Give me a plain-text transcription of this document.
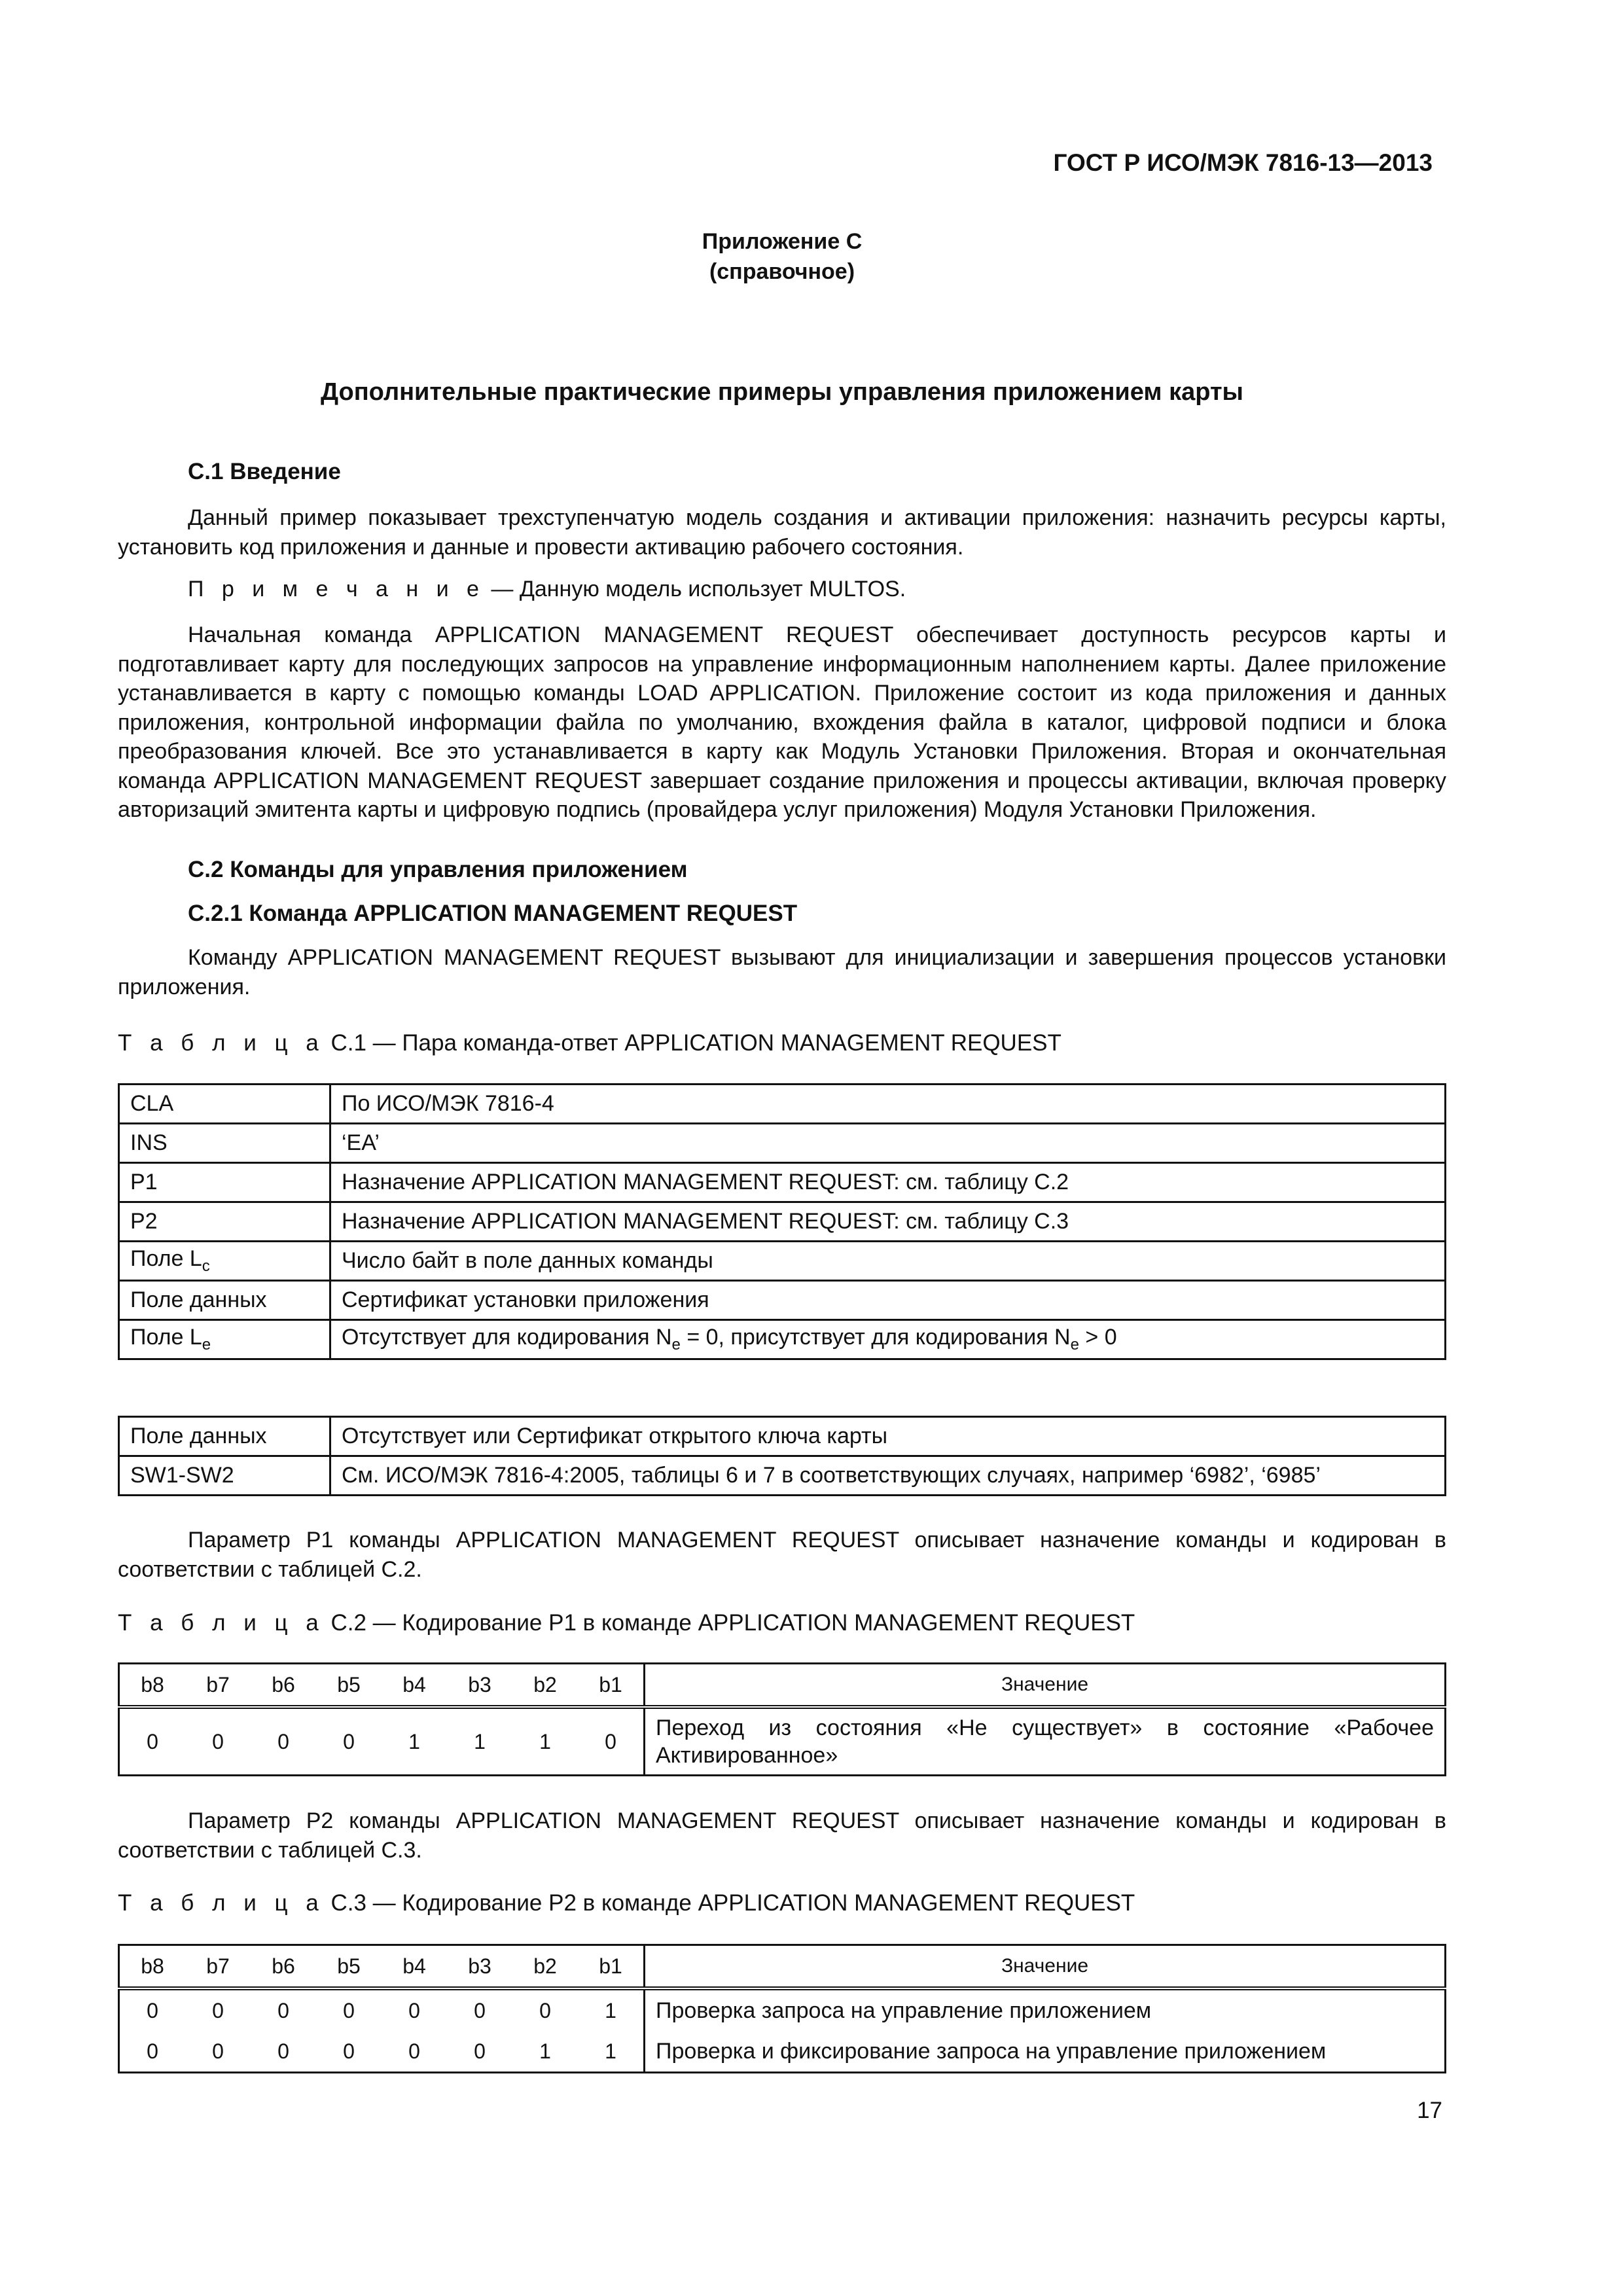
ГОСТ Р ИСО/МЭК 7816-13—2013
Приложение С
(справочное)
Дополнительные практические примеры управления приложением карты
С.1 Введение
Данный пример показывает трехступенчатую модель создания и активации приложения: назначить ресурсы карты, установить код приложения и данные и провести активацию рабочего состояния.
П р и м е ч а н и е — Данную модель использует MULTOS.
Начальная команда APPLICATION MANAGEMENT REQUEST обеспечивает доступность ресурсов карты и подготавливает карту для последующих запросов на управление информационным наполнением карты. Далее приложение устанавливается в карту с помощью команды LOAD APPLICATION. Приложение состоит из кода приложения и данных приложения, контрольной информации файла по умолчанию, вхождения файла в каталог, цифровой подписи и блока преобразования ключей. Все это устанавливается в карту как Модуль Установки Приложения. Вторая и окончательная команда APPLICATION MANAGEMENT REQUEST завершает создание приложения и процессы активации, включая проверку авторизаций эмитента карты и цифровую подпись (провайдера услуг приложения) Модуля Установки Приложения.
С.2 Команды для управления приложением
С.2.1 Команда APPLICATION MANAGEMENT REQUEST
Команду APPLICATION MANAGEMENT REQUEST вызывают для инициализации и завершения процессов установки приложения.
Т а б л и ц а С.1 — Пара команда-ответ APPLICATION MANAGEMENT REQUEST
CLA	По ИСО/МЭК 7816-4
INS	‘EA’
P1	Назначение APPLICATION MANAGEMENT REQUEST: см. таблицу С.2
P2	Назначение APPLICATION MANAGEMENT REQUEST: см. таблицу С.3
Поле $L_c$	Число байт в поле данных команды
Поле данных	Сертификат установки приложения
Поле $L_e$	Отсутствует для кодирования $N_e = 0$, присутствует для кодирования $N_e > 0$
Поле данных	Отсутствует или Сертификат открытого ключа карты
SW1-SW2	См. ИСО/МЭК 7816-4:2005, таблицы 6 и 7 в соответствующих случаях, например ‘6982’, ‘6985’
Параметр P1 команды APPLICATION MANAGEMENT REQUEST описывает назначение команды и кодирован в соответствии с таблицей С.2.
Т а б л и ц а С.2 — Кодирование P1 в команде APPLICATION MANAGEMENT REQUEST
b8	b7	b6	b5	b4	b3	b2	b1	Значение
0	0	0	0	1	1	1	0	Переход из состояния «Не существует» в состояние «Рабочее Активированное»
Параметр P2 команды APPLICATION MANAGEMENT REQUEST описывает назначение команды и кодирован в соответствии с таблицей С.3.
Т а б л и ц а С.3 — Кодирование P2 в команде APPLICATION MANAGEMENT REQUEST
b8	b7	b6	b5	b4	b3	b2	b1	Значение
0	0	0	0	0	0	0	1	Проверка запроса на управление приложением
0	0	0	0	0	0	1	1	Проверка и фиксирование запроса на управление приложением
17
